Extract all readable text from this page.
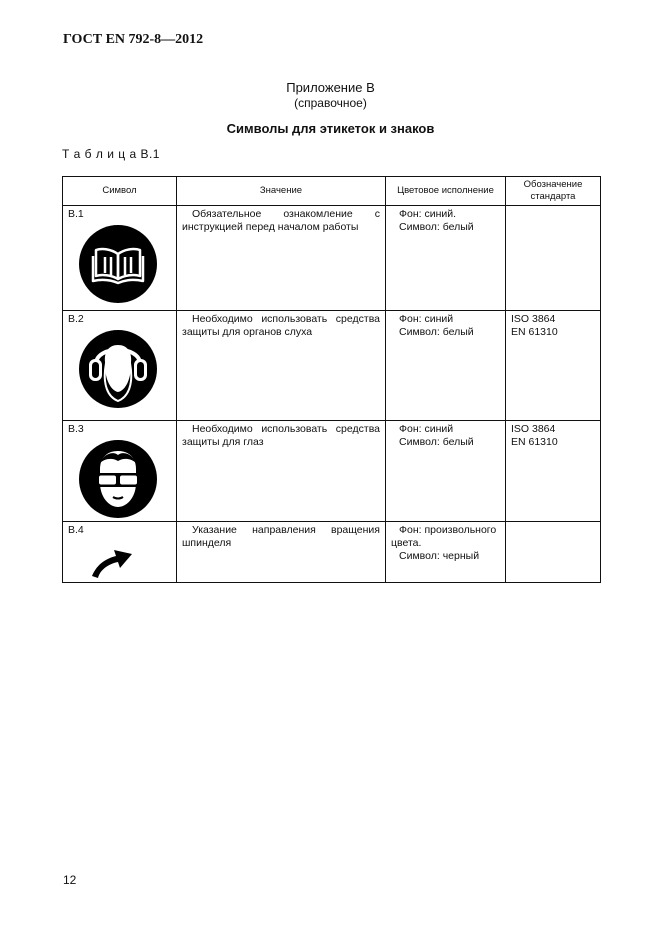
ГОСТ EN 792-8—2012
Приложение В
(справочное)
Символы для этикеток и знаков
Т а б л и ц а В.1
Символ	Значение	Цветовое исполнение	Обозначение стандарта

В.1	Обязательное ознакомление с инструкцией перед началом работы	Фон: синий.
Символ: белый	

В.2	Необходимо использовать средства защиты для органов слуха	Фон: синий
Символ: белый	ISO 3864
EN 61310

В.3	Необходимо использовать средства защиты для глаз	Фон: синий
Символ: белый	ISO 3864
EN 61310

В.4	Указание направления вращения шпинделя	Фон: произвольного цвета.
Символ: черный	

12
